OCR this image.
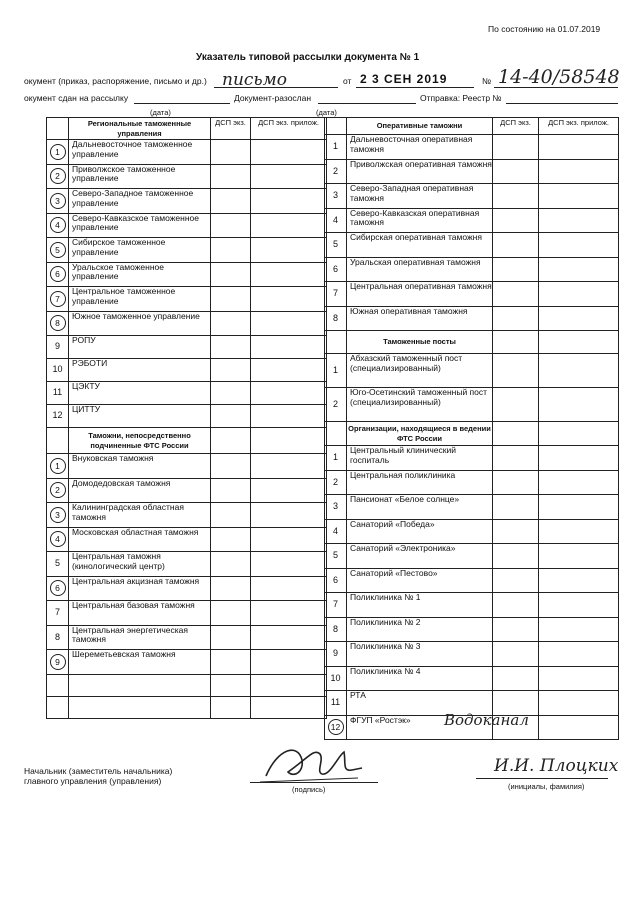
По состоянию на 01.07.2019
Указатель типовой рассылки документа № 1
окумент (приказ, распоряжение, письмо и др.) письмо	от 2 3 СЕН 2019	№ 14-40/58548
окумент сдан на рассылку	Документ-разослан	Отправка: Реестр №
(дата)	(дата)
	Региональные таможенные управления	ДСП экз.	ДСП экз. прилож.
1	Дальневосточное таможенное управление		
2	Приволжское таможенное управление		
3	Северо-Западное таможенное управление		
4	Северо-Кавказское таможенное управление		
5	Сибирское таможенное управление		
6	Уральское таможенное управление		
7	Центральное таможенное управление		
8	Южное таможенное управление		
9	РОПУ		
10	РЭБОТИ		
11	ЦЭКТУ		
12	ЦИТТУ		
	Таможни, непосредственно подчиненные ФТС России		
1	Внуковская таможня		
2	Домодедовская таможня		
3	Калининградская областная таможня		
4	Московская областная таможня		
5	Центральная таможня (кинологический центр)		
6	Центральная акцизная таможня		
7	Центральная базовая таможня		
8	Центральная энергетическая таможня		
9	Шереметьевская таможня		

	Оперативные таможни	ДСП экз.	ДСП экз. прилож.
1	Дальневосточная оперативная таможня		
2	Приволжская оперативная таможня		
3	Северо-Западная оперативная таможня		
4	Северо-Кавказская оперативная таможня		
5	Сибирская оперативная таможня		
6	Уральская оперативная таможня		
7	Центральная оперативная таможня		
8	Южная оперативная таможня		
	Таможенные посты		
1	Абхазский таможенный пост (специализированный)		
2	Юго-Осетинский таможенный пост (специализированный)		
	Организации, находящиеся в ведении ФТС России		
1	Центральный клинический госпиталь		
2	Центральная поликлиника		
3	Пансионат «Белое солнце»		
4	Санаторий «Победа»		
5	Санаторий «Электроника»		
6	Санаторий «Пестово»		
7	Поликлиника № 1		
8	Поликлиника № 2		
9	Поликлиника № 3		
10	Поликлиника № 4		
11	РТА		
12	ФГУП «Ростэк»		Водоканал
Начальник (заместитель начальника)
главного управления (управления)
(подпись)
И.И. Плоцких
(инициалы, фамилия)
